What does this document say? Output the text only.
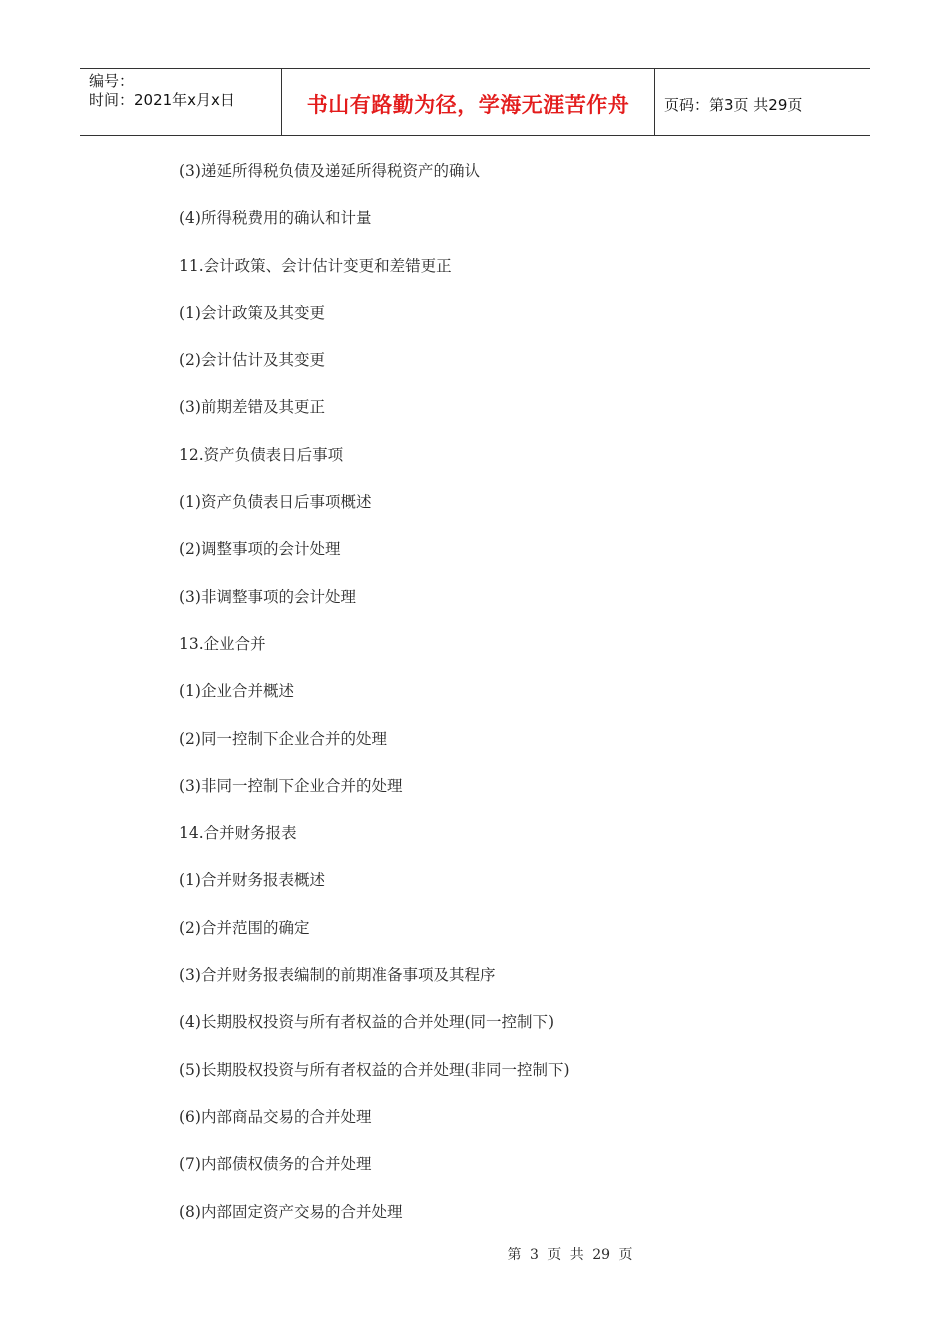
编号：
时间：2021年x月x日	书山有路勤为径，学海无涯苦作舟	页码：第3页 共29页
(3)递延所得税负债及递延所得税资产的确认
(4)所得税费用的确认和计量
11.会计政策、会计估计变更和差错更正
(1)会计政策及其变更
(2)会计估计及其变更
(3)前期差错及其更正
12.资产负债表日后事项
(1)资产负债表日后事项概述
(2)调整事项的会计处理
(3)非调整事项的会计处理
13.企业合并
(1)企业合并概述
(2)同一控制下企业合并的处理
(3)非同一控制下企业合并的处理
14.合并财务报表
(1)合并财务报表概述
(2)合并范围的确定
(3)合并财务报表编制的前期准备事项及其程序
(4)长期股权投资与所有者权益的合并处理(同一控制下)
(5)长期股权投资与所有者权益的合并处理(非同一控制下)
(6)内部商品交易的合并处理
(7)内部债权债务的合并处理
(8)内部固定资产交易的合并处理
第 3 页 共 29 页
